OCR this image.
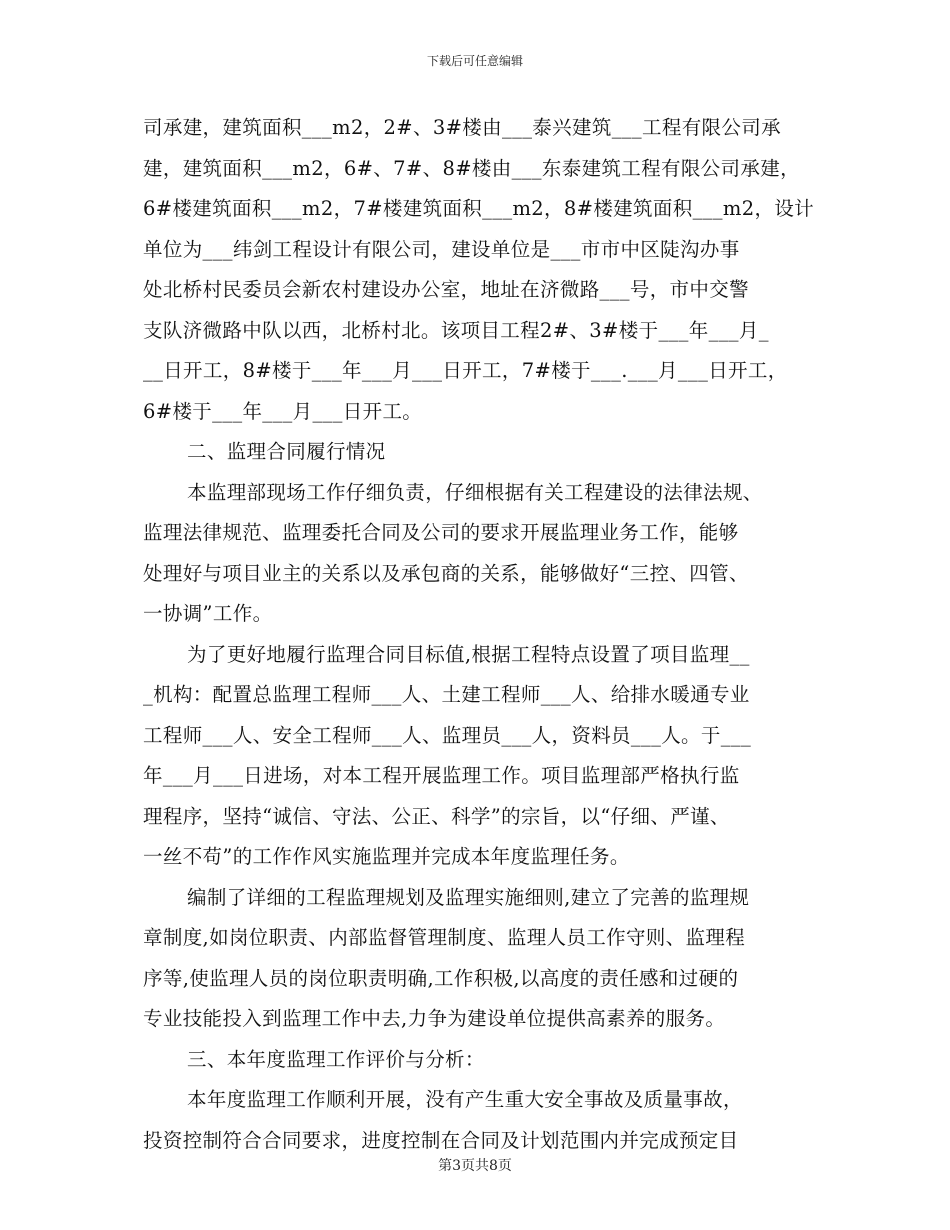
下载后可任意编辑
司承建，建筑面积___m2，2#、3#楼由___泰兴建筑___工程有限公司承
建，建筑面积___m2，6#、7#、8#楼由___东泰建筑工程有限公司承建，
6#楼建筑面积___m2，7#楼建筑面积___m2，8#楼建筑面积___m2，设计
单位为___纬剑工程设计有限公司，建设单位是___市市中区陡沟办事
处北桥村民委员会新农村建设办公室，地址在济微路___号，市中交警
支队济微路中队以西，北桥村北。该项目工程2#、3#楼于___年___月_
__日开工，8#楼于___年___月___日开工，7#楼于___.___月___日开工，
6#楼于___年___月___日开工。
二、监理合同履行情况
本监理部现场工作仔细负责，仔细根据有关工程建设的法律法规、
监理法律规范、监理委托合同及公司的要求开展监理业务工作，能够
处理好与项目业主的关系以及承包商的关系，能够做好“三控、四管、
一协调”工作。
为了更好地履行监理合同目标值,根据工程特点设置了项目监理__
_机构：配置总监理工程师___人、土建工程师___人、给排水暖通专业
工程师___人、安全工程师___人、监理员___人，资料员___人。于___
年___月___日进场，对本工程开展监理工作。项目监理部严格执行监
理程序，坚持“诚信、守法、公正、科学”的宗旨，以“仔细、严谨、
一丝不苟”的工作作风实施监理并完成本年度监理任务。
编制了详细的工程监理规划及监理实施细则,建立了完善的监理规
章制度,如岗位职责、内部监督管理制度、监理人员工作守则、监理程
序等,使监理人员的岗位职责明确,工作积极,以高度的责任感和过硬的
专业技能投入到监理工作中去,力争为建设单位提供高素养的服务。
三、本年度监理工作评价与分析：
本年度监理工作顺利开展，没有产生重大安全事故及质量事故，
投资控制符合合同要求，进度控制在合同及计划范围内并完成预定目
第3页共8页
